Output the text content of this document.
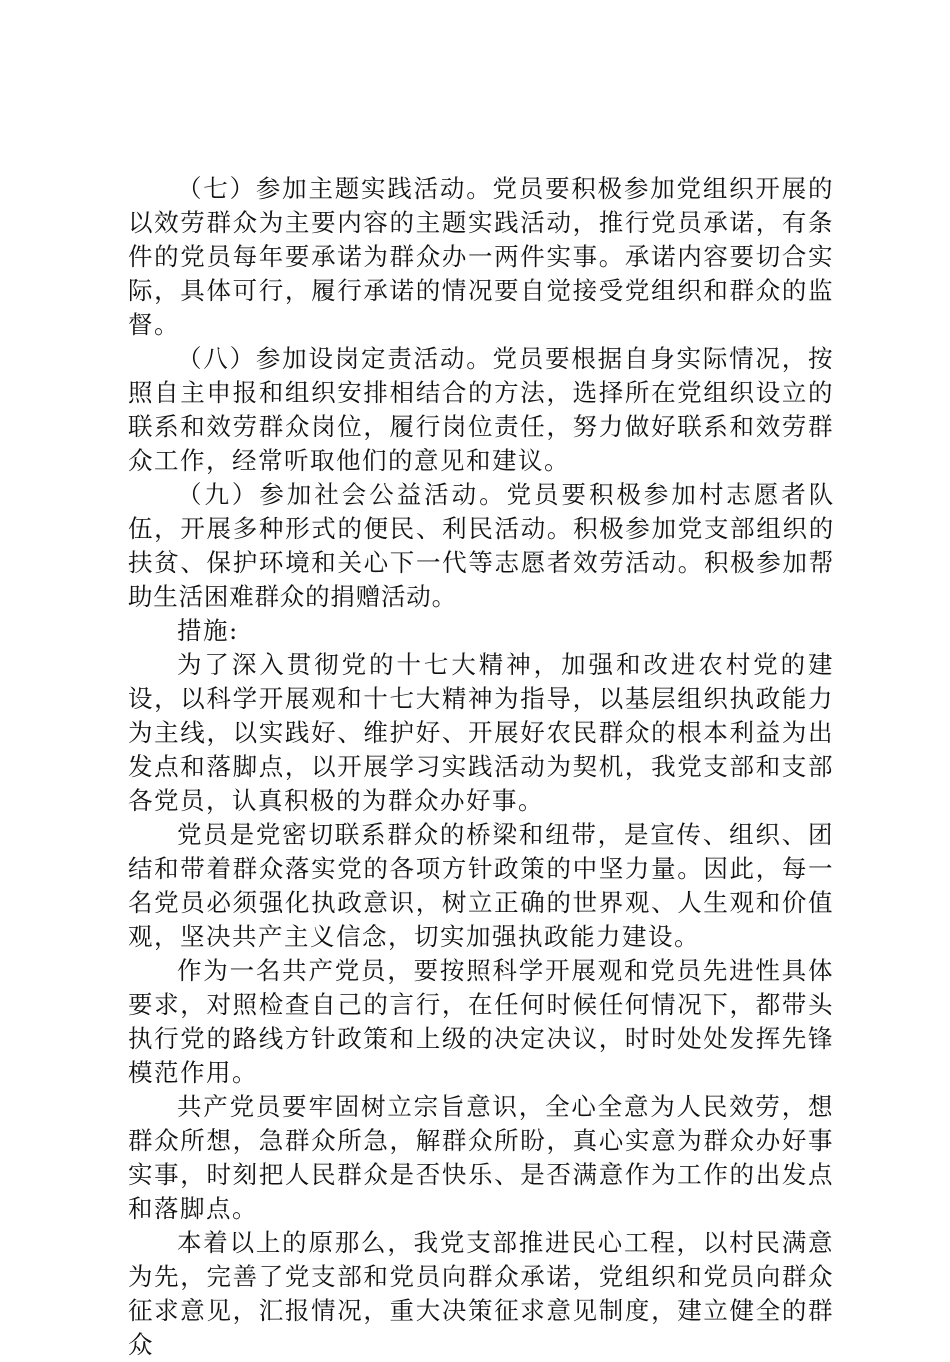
（七）参加主题实践活动。党员要积极参加党组织开展的以效劳群众为主要内容的主题实践活动，推行党员承诺，有条件的党员每年要承诺为群众办一两件实事。承诺内容要切合实际，具体可行，履行承诺的情况要自觉接受党组织和群众的监督。

（八）参加设岗定责活动。党员要根据自身实际情况，按照自主申报和组织安排相结合的方法，选择所在党组织设立的联系和效劳群众岗位，履行岗位责任，努力做好联系和效劳群众工作，经常听取他们的意见和建议。

（九）参加社会公益活动。党员要积极参加村志愿者队伍，开展多种形式的便民、利民活动。积极参加党支部组织的扶贫、保护环境和关心下一代等志愿者效劳活动。积极参加帮助生活困难群众的捐赠活动。

措施:

为了深入贯彻党的十七大精神，加强和改进农村党的建设，以科学开展观和十七大精神为指导，以基层组织执政能力为主线，以实践好、维护好、开展好农民群众的根本利益为出发点和落脚点，以开展学习实践活动为契机，我党支部和支部各党员，认真积极的为群众办好事。

党员是党密切联系群众的桥梁和纽带，是宣传、组织、团结和带着群众落实党的各项方针政策的中坚力量。因此，每一名党员必须强化执政意识，树立正确的世界观、人生观和价值观，坚决共产主义信念，切实加强执政能力建设。

作为一名共产党员，要按照科学开展观和党员先进性具体要求，对照检查自己的言行，在任何时候任何情况下，都带头执行党的路线方针政策和上级的决定决议，时时处处发挥先锋模范作用。

共产党员要牢固树立宗旨意识，全心全意为人民效劳，想群众所想，急群众所急，解群众所盼，真心实意为群众办好事实事，时刻把人民群众是否快乐、是否满意作为工作的出发点和落脚点。

本着以上的原那么，我党支部推进民心工程，以村民满意为先，完善了党支部和党员向群众承诺，党组织和党员向群众征求意见，汇报情况，重大决策征求意见制度，建立健全的群众
